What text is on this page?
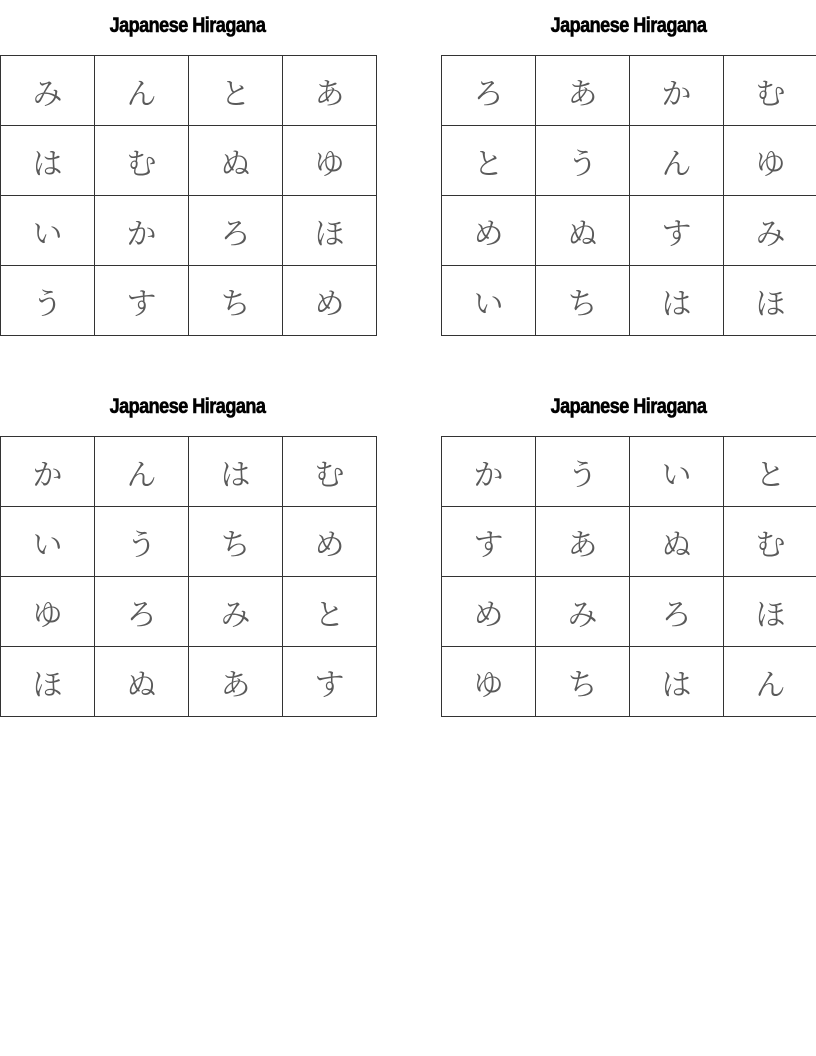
Japanese Hiragana
み	ん	と	あ
は	む	ぬ	ゆ
い	か	ろ	ほ
う	す	ち	め
Japanese Hiragana
ろ	あ	か	む
と	う	ん	ゆ
め	ぬ	す	み
い	ち	は	ほ
Japanese Hiragana
か	ん	は	む
い	う	ち	め
ゆ	ろ	み	と
ほ	ぬ	あ	す
Japanese Hiragana
か	う	い	と
す	あ	ぬ	む
め	み	ろ	ほ
ゆ	ち	は	ん
